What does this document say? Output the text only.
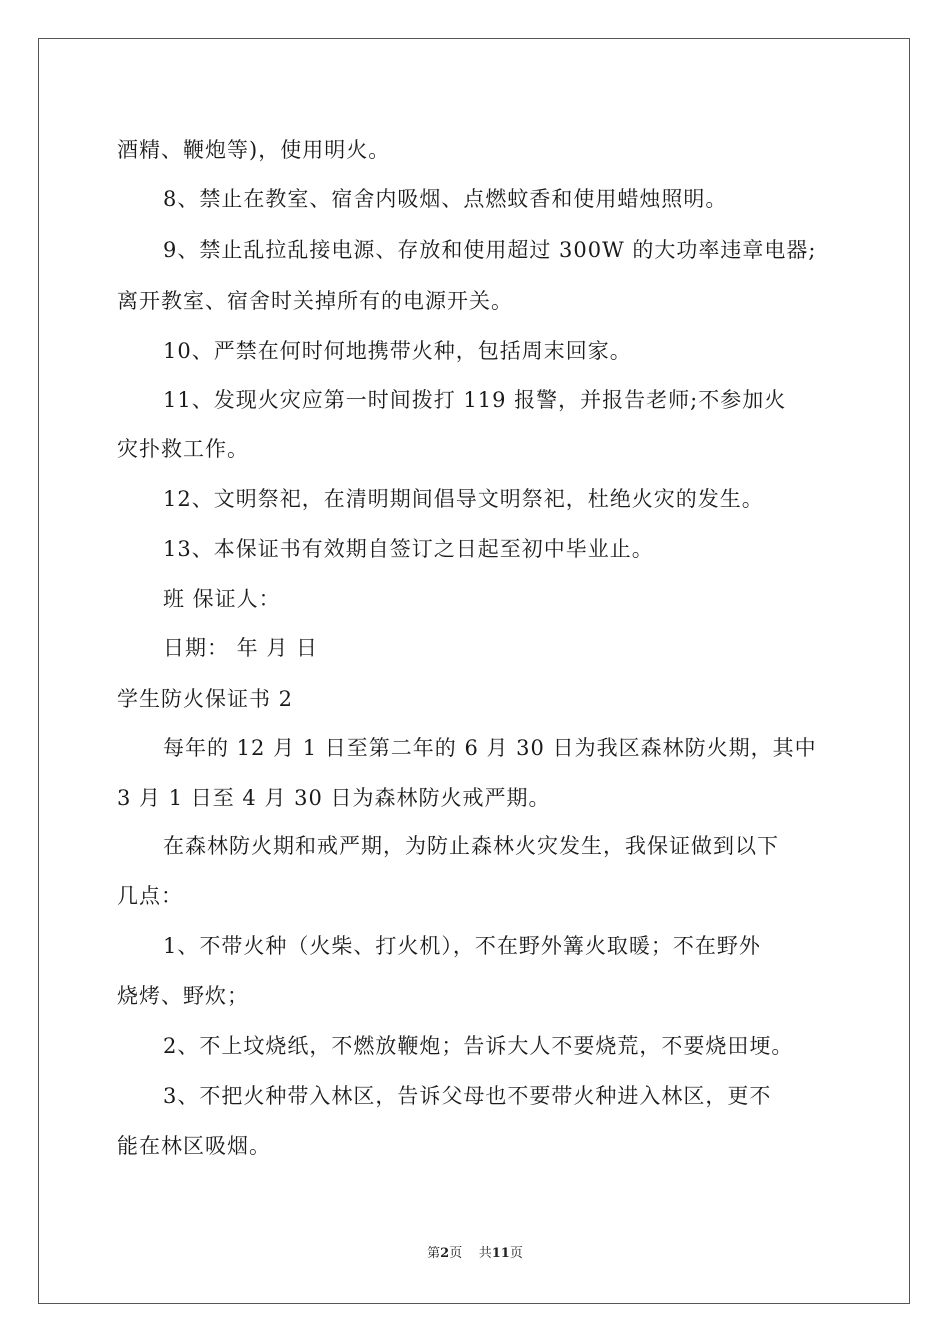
酒精、鞭炮等)，使用明火。
8、禁止在教室、宿舍内吸烟、点燃蚊香和使用蜡烛照明。
9、禁止乱拉乱接电源、存放和使用超过 300W 的大功率违章电器;
离开教室、宿舍时关掉所有的电源开关。
10、严禁在何时何地携带火种，包括周末回家。
11、发现火灾应第一时间拨打 119 报警，并报告老师;不参加火
灾扑救工作。
12、文明祭祀，在清明期间倡导文明祭祀，杜绝火灾的发生。
13、本保证书有效期自签订之日起至初中毕业止。
班 保证人：
日期： 年 月 日
学生防火保证书 2
每年的 12 月 1 日至第二年的 6 月 30 日为我区森林防火期，其中
3 月 1 日至 4 月 30 日为森林防火戒严期。
在森林防火期和戒严期，为防止森林火灾发生，我保证做到以下
几点：
1、不带火种（火柴、打火机），不在野外篝火取暖；不在野外
烧烤、野炊；
2、不上坟烧纸，不燃放鞭炮；告诉大人不要烧荒，不要烧田埂。
3、不把火种带入林区，告诉父母也不要带火种进入林区，更不
能在林区吸烟。
第2页    共11页
